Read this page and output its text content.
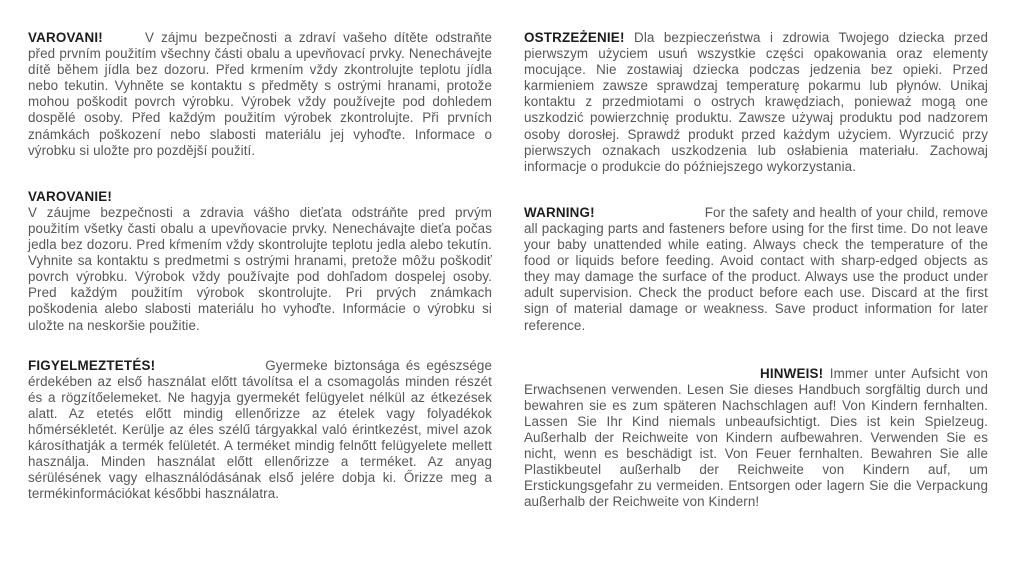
VAROVANI!	V zájmu bezpečnosti a zdraví vašeho dítěte odstraňte před prvním použitím všechny části obalu a upevňovací prvky. Nenechávejte dítě během jídla bez dozoru. Před krmením vždy zkontrolujte teplotu jídla nebo tekutin. Vyhněte se kontaktu s předměty s ostrými hranami, protože mohou poškodit povrch výrobku. Výrobek vždy používejte pod dohledem dospělé osoby. Před každým použitím výrobek zkontrolujte. Při prvních známkách poškození nebo slabosti materiálu jej vyhoďte. Informace o výrobku si uložte pro pozdější použití.

VAROVANIE!

V záujme bezpečnosti a zdravia vášho dieťata odstráňte pred prvým použitím všetky časti obalu a upevňovacie prvky. Nenechávajte dieťa počas jedla bez dozoru. Pred kŕmením vždy skontrolujte teplotu jedla alebo tekutín. Vyhnite sa kontaktu s predmetmi s ostrými hranami, pretože môžu poškodiť povrch výrobku. Výrobok vždy používajte pod dohľadom dospelej osoby. Pred každým použitím výrobok skontrolujte. Pri prvých známkach poškodenia alebo slabosti materiálu ho vyhoďte. Informácie o výrobku si uložte na neskoršie použitie.

FIGYELMEZTETÉS!	Gyermeke biztonsága és egészsége érdekében az első használat előtt távolítsa el a csomagolás minden részét és a rögzítőelemeket. Ne hagyja gyermekét felügyelet nélkül az étkezések alatt. Az etetés előtt mindig ellenőrizze az ételek vagy folyadékok hőmérsékletét. Kerülje az éles szélű tárgyakkal való érintkezést, mivel azok károsíthatják a termék felületét. A terméket mindig felnőtt felügyelete mellett használja. Minden használat előtt ellenőrizze a terméket. Az anyag sérülésének vagy elhasználódásának első jelére dobja ki. Őrizze meg a termékinformációkat későbbi használatra.

OSTRZEŻENIE! Dla bezpieczeństwa i zdrowia Twojego dziecka przed pierwszym użyciem usuń wszystkie części opakowania oraz elementy mocujące. Nie zostawiaj dziecka podczas jedzenia bez opieki. Przed karmieniem zawsze sprawdzaj temperaturę pokarmu lub płynów. Unikaj kontaktu z przedmiotami o ostrych krawędziach, ponieważ mogą one uszkodzić powierzchnię produktu. Zawsze używaj produktu pod nadzorem osoby dorosłej. Sprawdź produkt przed każdym użyciem. Wyrzucić przy pierwszych oznakach uszkodzenia lub osłabienia materiału. Zachowaj informacje o produkcie do późniejszego wykorzystania.

WARNING!	For the safety and health of your child, remove all packaging parts and fasteners before using for the first time. Do not leave your baby unattended while eating. Always check the temperature of the food or liquids before feeding. Avoid contact with sharp-edged objects as they may damage the surface of the product. Always use the product under adult supervision. Check the product before each use. Discard at the first sign of material damage or weakness. Save product information for later reference.

HINWEIS! Immer unter Aufsicht von Erwachsenen verwenden. Lesen Sie dieses Handbuch sorgfältig durch und bewahren sie es zum späteren Nachschlagen auf! Von Kindern fernhalten. Lassen Sie Ihr Kind niemals unbeaufsichtigt. Dies ist kein Spielzeug. Außerhalb der Reichweite von Kindern aufbewahren. Verwenden Sie es nicht, wenn es beschädigt ist. Von Feuer fernhalten. Bewahren Sie alle Plastikbeutel außerhalb der Reichweite von Kindern auf, um Erstickungsgefahr zu vermeiden. Entsorgen oder lagern Sie die Verpackung außerhalb der Reichweite von Kindern!
